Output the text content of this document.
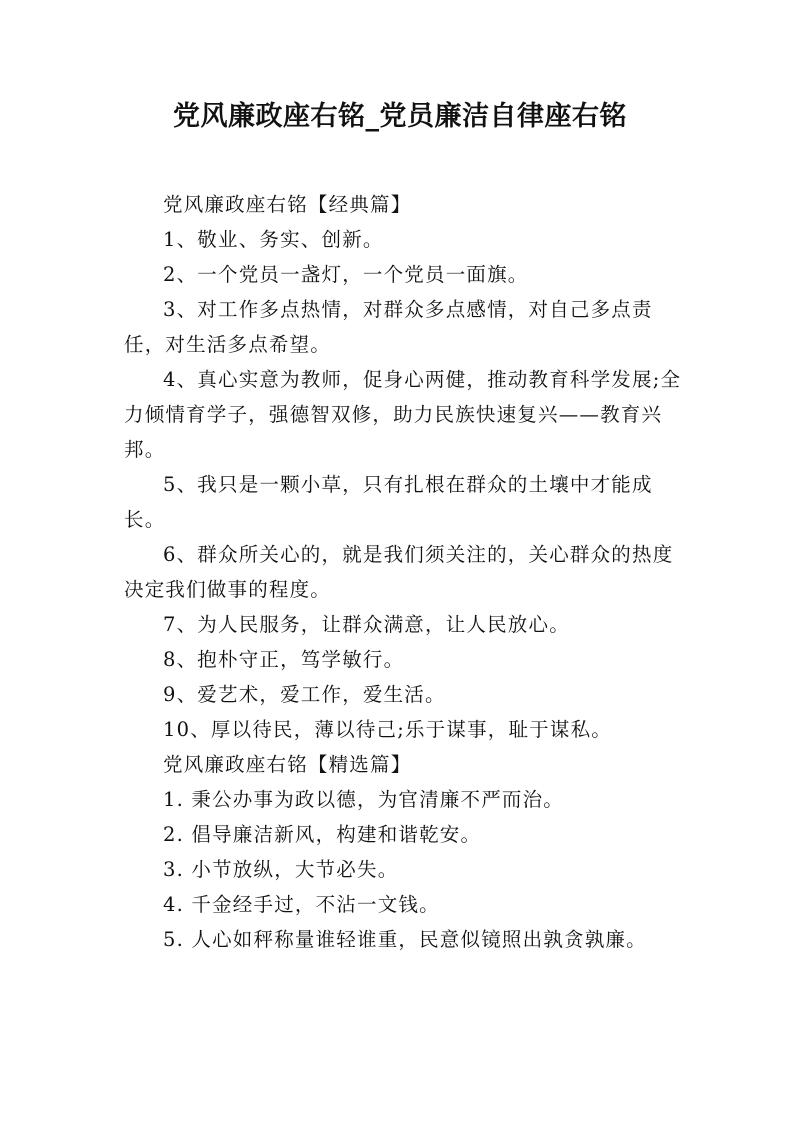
党风廉政座右铭_党员廉洁自律座右铭

党风廉政座右铭【经典篇】

1、敬业、务实、创新。

2、一个党员一盏灯，一个党员一面旗。

3、对工作多点热情，对群众多点感情，对自己多点责任，对生活多点希望。

4、真心实意为教师，促身心两健，推动教育科学发展;全力倾情育学子，强德智双修，助力民族快速复兴——教育兴邦。

5、我只是一颗小草，只有扎根在群众的土壤中才能成长。

6、群众所关心的，就是我们须关注的，关心群众的热度决定我们做事的程度。

7、为人民服务，让群众满意，让人民放心。

8、抱朴守正，笃学敏行。

9、爱艺术，爱工作，爱生活。

10、厚以待民，薄以待己;乐于谋事，耻于谋私。

党风廉政座右铭【精选篇】

1. 秉公办事为政以德，为官清廉不严而治。

2. 倡导廉洁新风，构建和谐乾安。

3. 小节放纵，大节必失。

4. 千金经手过，不沾一文钱。

5. 人心如秤称量谁轻谁重，民意似镜照出孰贪孰廉。
